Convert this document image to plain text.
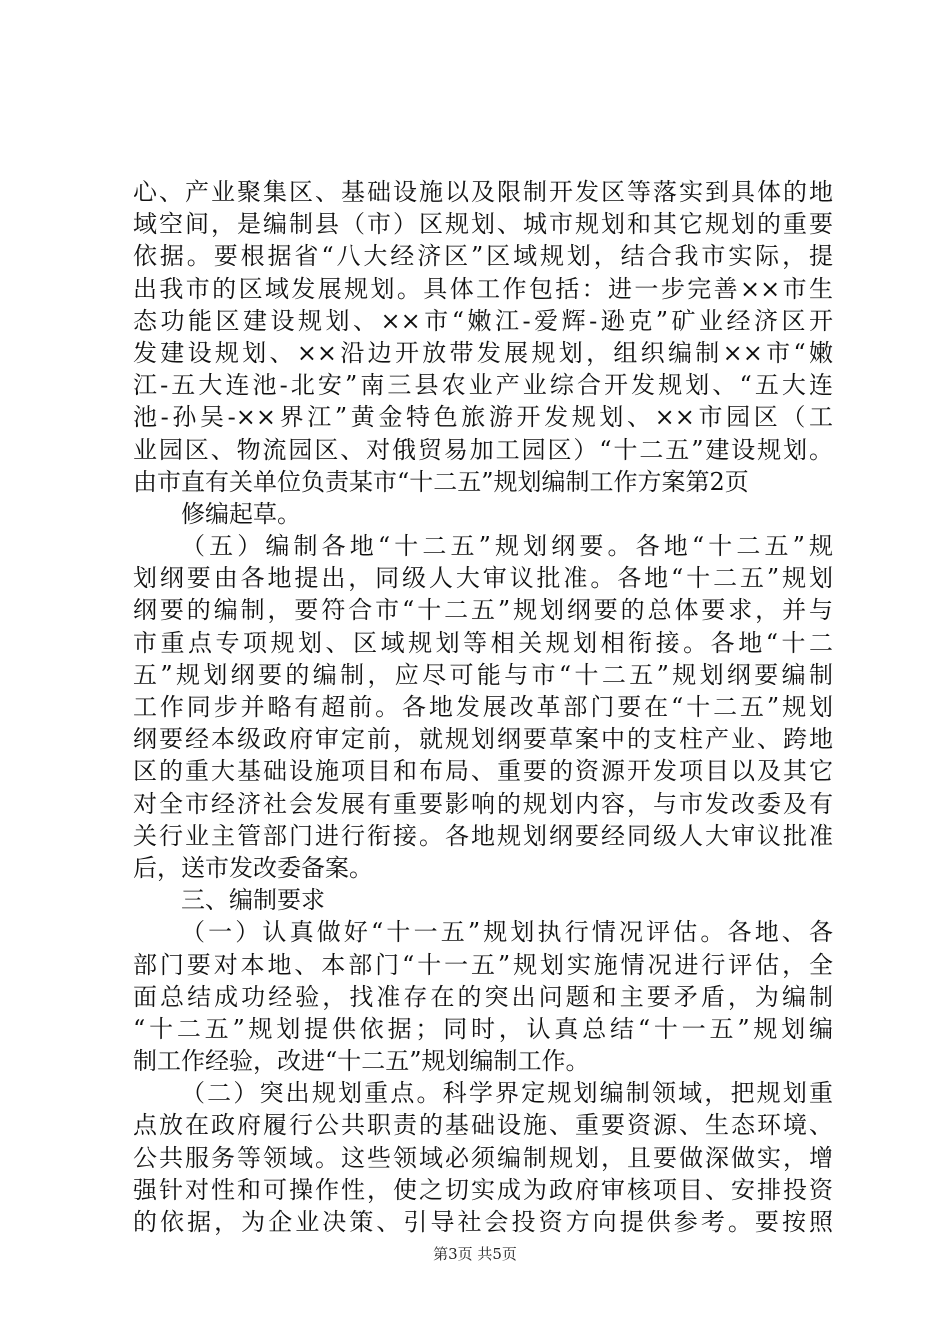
心、产业聚集区、基础设施以及限制开发区等落实到具体的地
域空间，是编制县（市）区规划、城市规划和其它规划的重要
依据。要根据省“八大经济区”区域规划，结合我市实际，提
出我市的区域发展规划。具体工作包括：进一步完善××市生
态功能区建设规划、××市“嫩江-爱辉-逊克”矿业经济区开
发建设规划、××沿边开放带发展规划，组织编制××市“嫩
江-五大连池-北安”南三县农业产业综合开发规划、“五大连
池-孙吴-××界江”黄金特色旅游开发规划、××市园区（工
业园区、物流园区、对俄贸易加工园区）“十二五”建设规划。
由市直有关单位负责某市“十二五”规划编制工作方案第2页
修编起草。
（五）编制各地“十二五”规划纲要。各地“十二五”规
划纲要由各地提出，同级人大审议批准。各地“十二五”规划
纲要的编制，要符合市“十二五”规划纲要的总体要求，并与
市重点专项规划、区域规划等相关规划相衔接。各地“十二
五”规划纲要的编制，应尽可能与市“十二五”规划纲要编制
工作同步并略有超前。各地发展改革部门要在“十二五”规划
纲要经本级政府审定前，就规划纲要草案中的支柱产业、跨地
区的重大基础设施项目和布局、重要的资源开发项目以及其它
对全市经济社会发展有重要影响的规划内容，与市发改委及有
关行业主管部门进行衔接。各地规划纲要经同级人大审议批准
后，送市发改委备案。
三、编制要求
（一）认真做好“十一五”规划执行情况评估。各地、各
部门要对本地、本部门“十一五”规划实施情况进行评估，全
面总结成功经验，找准存在的突出问题和主要矛盾，为编制
“十二五”规划提供依据；同时，认真总结“十一五”规划编
制工作经验，改进“十二五”规划编制工作。
（二）突出规划重点。科学界定规划编制领域，把规划重
点放在政府履行公共职责的基础设施、重要资源、生态环境、
公共服务等领域。这些领域必须编制规划，且要做深做实，增
强针对性和可操作性，使之切实成为政府审核项目、安排投资
的依据，为企业决策、引导社会投资方向提供参考。要按照
第3页 共5页
